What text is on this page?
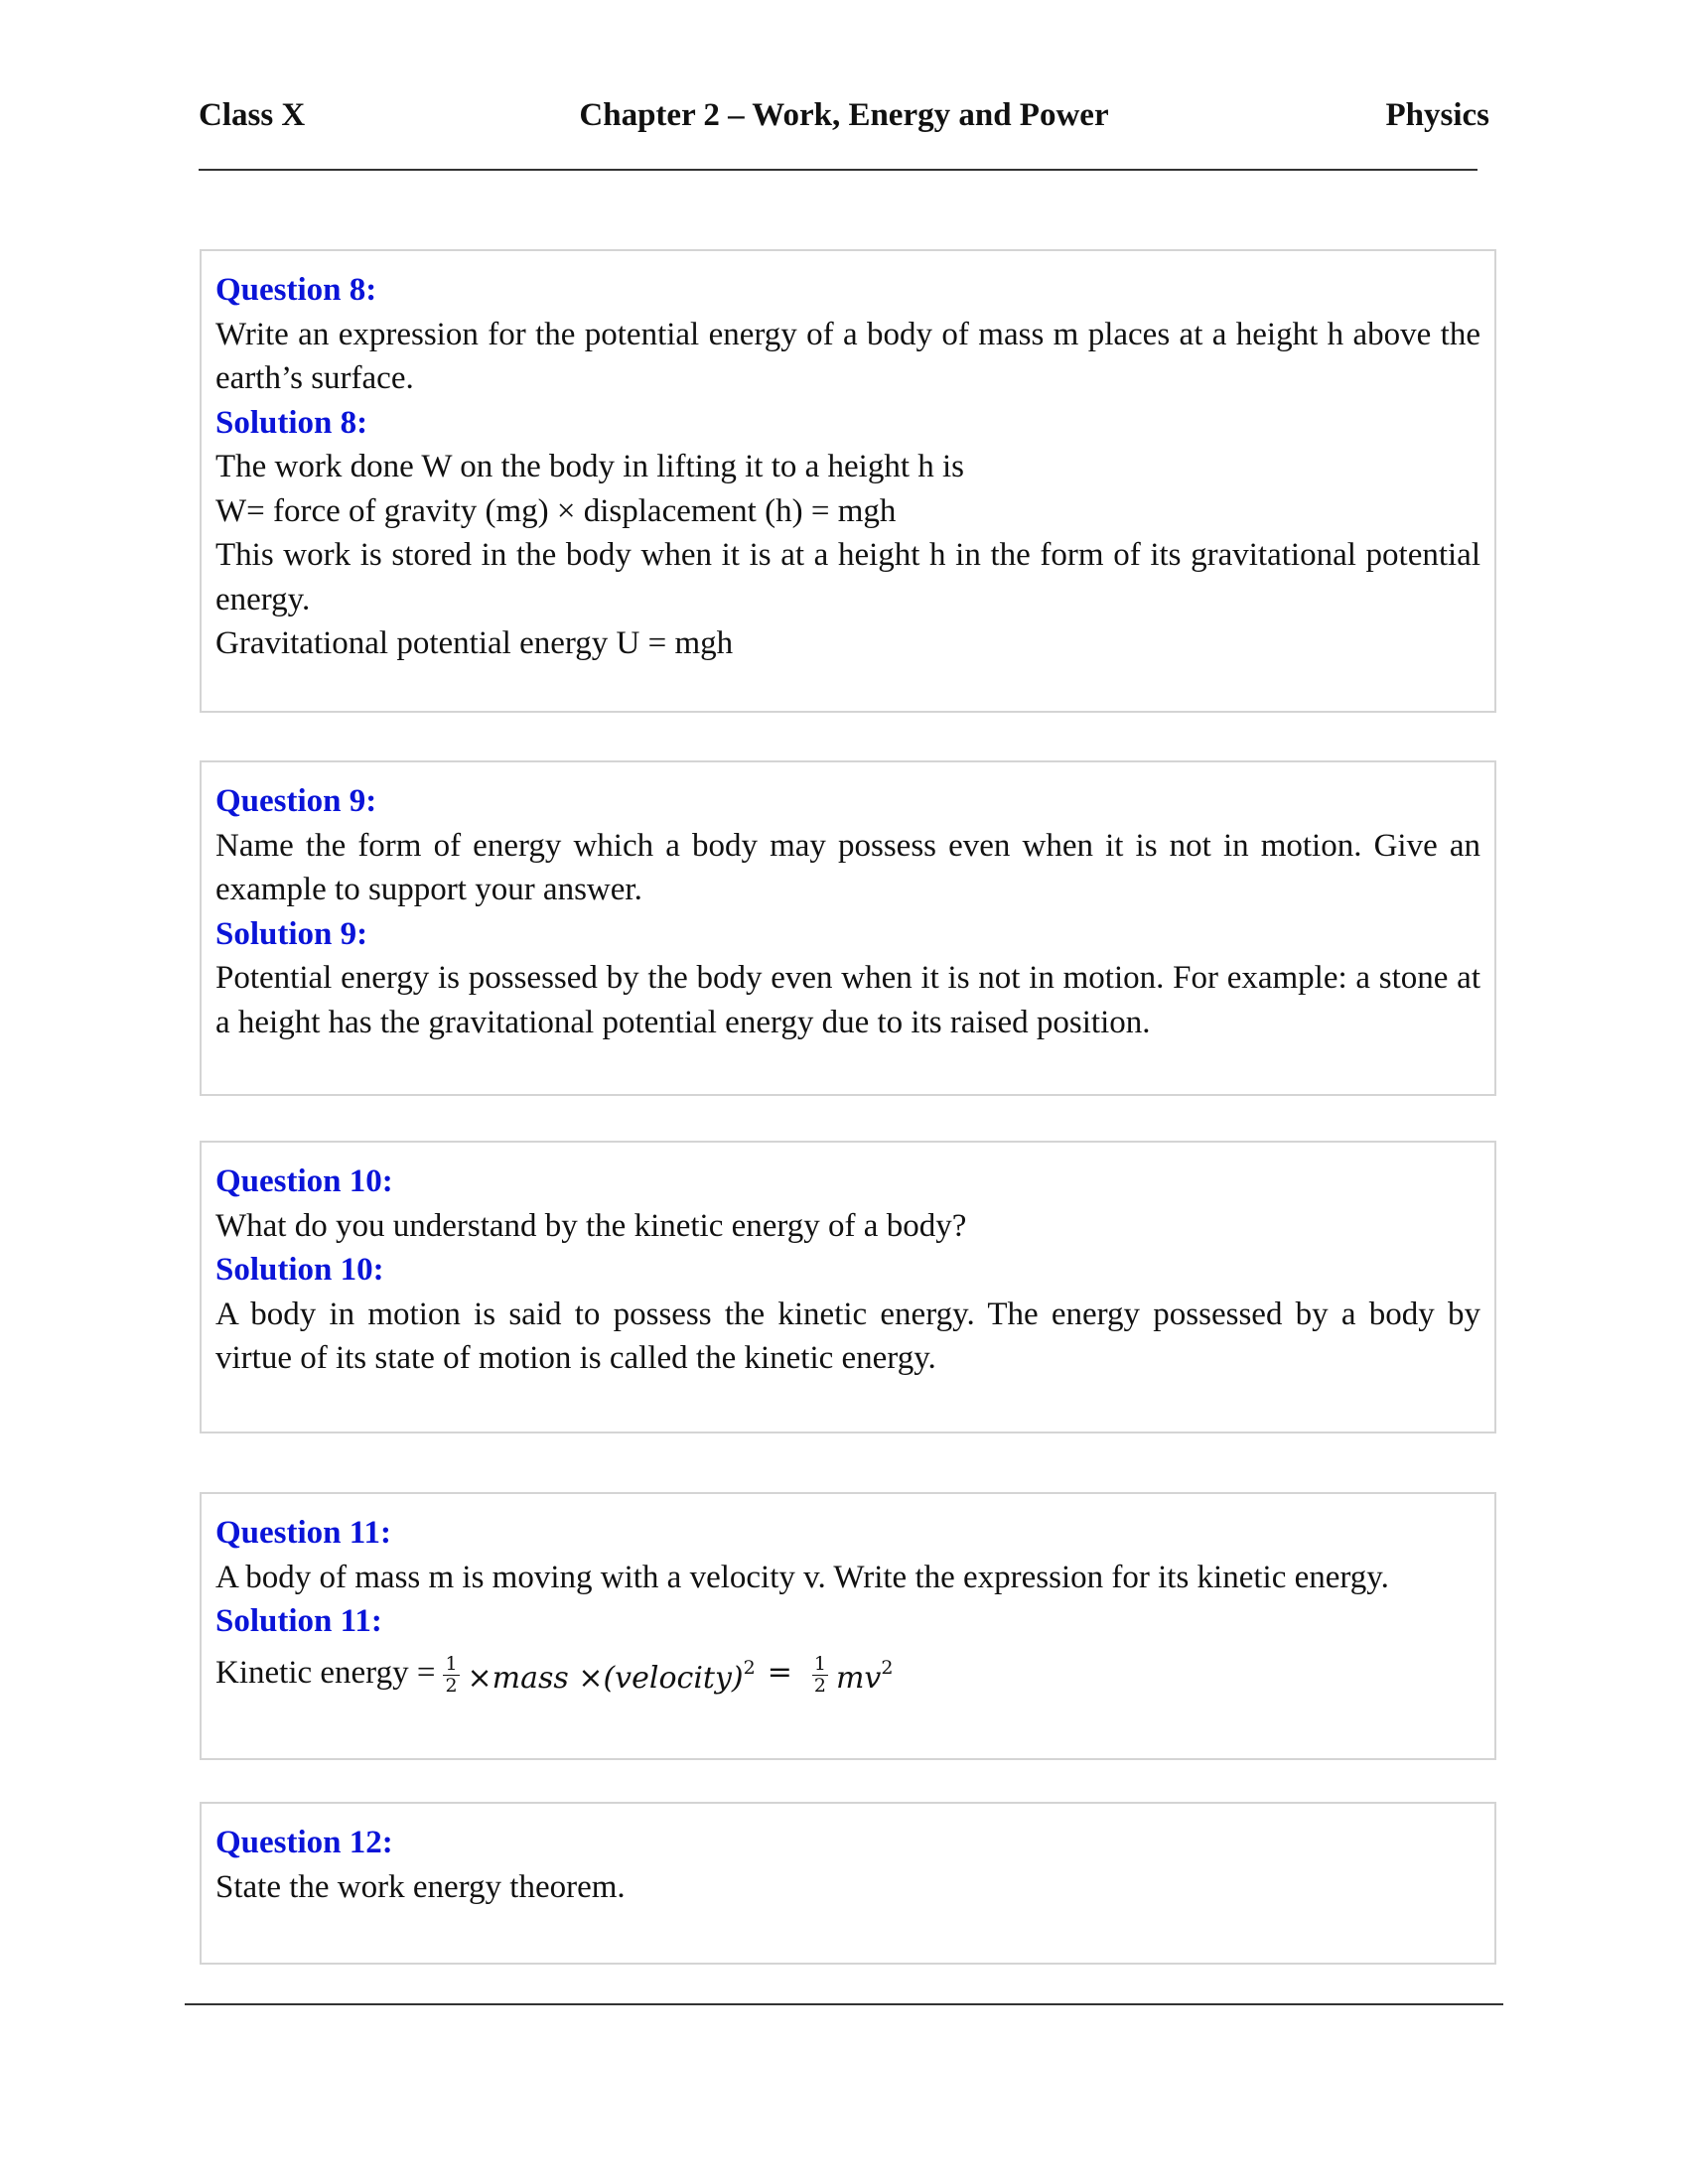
Class X	Chapter 2 – Work, Energy and Power	Physics
Question 8:

Write an expression for the potential energy of a body of mass m places at a height h above the earth’s surface.

Solution 8:

The work done W on the body in lifting it to a height h is

W= force of gravity (mg) × displacement (h) = mgh

This work is stored in the body when it is at a height h in the form of its gravitational potential energy.

Gravitational potential energy U = mgh

Question 9:

Name the form of energy which a body may possess even when it is not in motion. Give an example to support your answer.

Solution 9:

Potential energy is possessed by the body even when it is not in motion. For example: a stone at a height has the gravitational potential energy due to its raised position.

Question 10:

What do you understand by the kinetic energy of a body?

Solution 10:

A body in motion is said to possess the kinetic energy. The energy possessed by a body by virtue of its state of motion is called the kinetic energy.

Question 11:

A body of mass m is moving with a velocity v. Write the expression for its kinetic energy.

Solution 11:
Kinetic energy = $\frac{1}{2}$ ×mass ×(velocity)$^2$ = $\frac{1}{2} mv^2$
Question 12:

State the work energy theorem.
